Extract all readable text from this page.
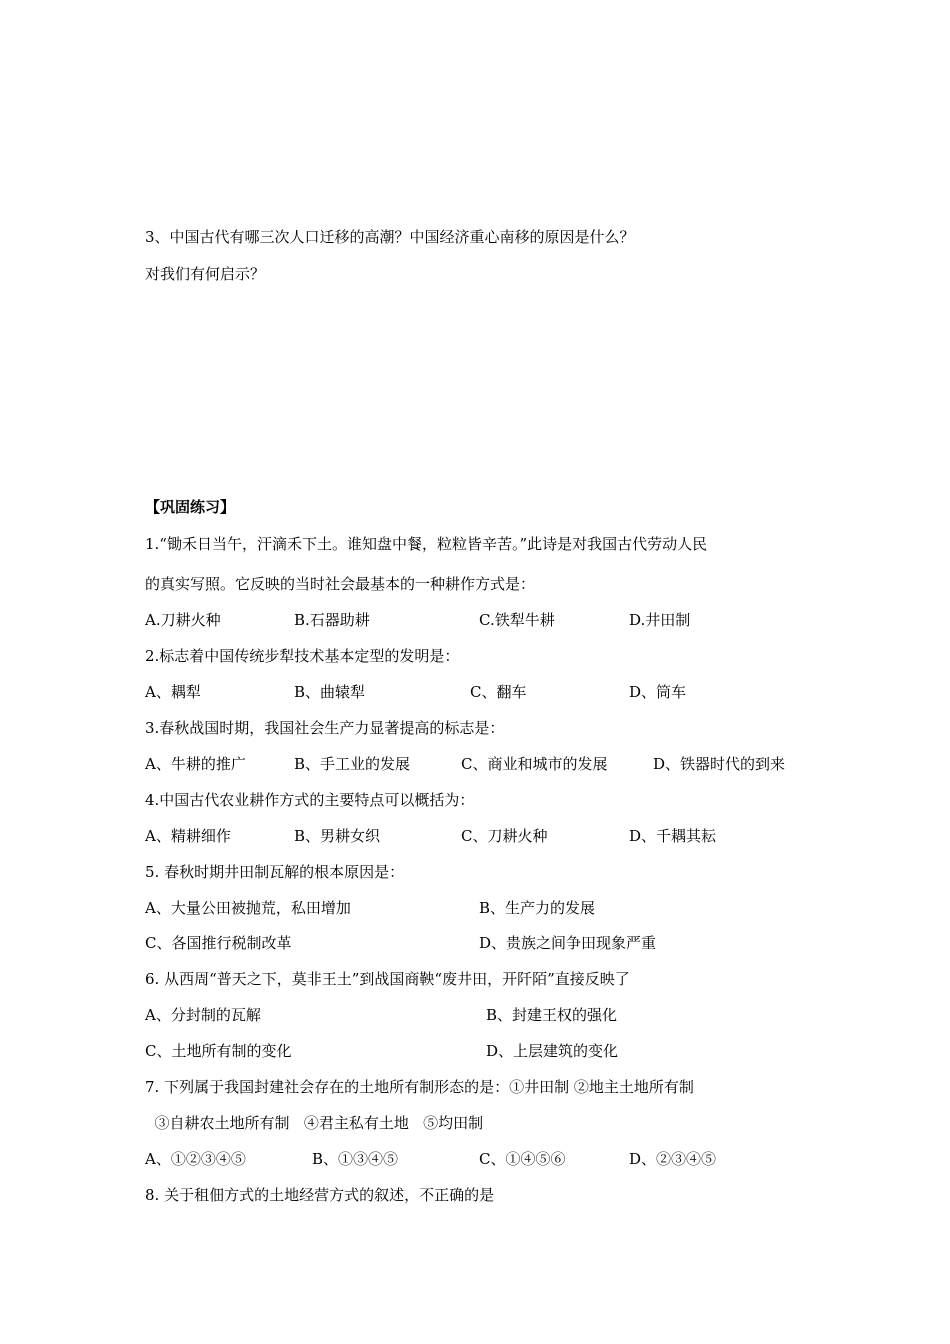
3、中国古代有哪三次人口迁移的高潮？中国经济重心南移的原因是什么？
对我们有何启示？
【巩固练习】
1.“锄禾日当午，汗滴禾下土。谁知盘中餐，粒粒皆辛苦。”此诗是对我国古代劳动人民
的真实写照。它反映的当时社会最基本的一种耕作方式是：
A.刀耕火种	B.石器助耕	C.铁犁牛耕	D.井田制
2.标志着中国传统步犁技术基本定型的发明是：
A、耦犁	B、曲辕犁	C、翻车	D、筒车
3.春秋战国时期，我国社会生产力显著提高的标志是：
A、牛耕的推广	B、手工业的发展	C、商业和城市的发展	D、铁器时代的到来
4.中国古代农业耕作方式的主要特点可以概括为：
A、精耕细作	B、男耕女织	C、刀耕火种	D、千耦其耘
5. 春秋时期井田制瓦解的根本原因是：
A、大量公田被抛荒，私田增加	B、生产力的发展
C、各国推行税制改革	D、贵族之间争田现象严重
6. 从西周“普天之下，莫非王土”到战国商鞅“废井田，开阡陌”直接反映了
A、分封制的瓦解	B、封建王权的强化
C、土地所有制的变化	D、上层建筑的变化
7. 下列属于我国封建社会存在的土地所有制形态的是：①井田制 ②地主土地所有制
③自耕农土地所有制   ④君主私有土地   ⑤均田制
A、①②③④⑤	B、①③④⑤	C、①④⑤⑥	D、②③④⑤
8. 关于租佃方式的土地经营方式的叙述，不正确的是
